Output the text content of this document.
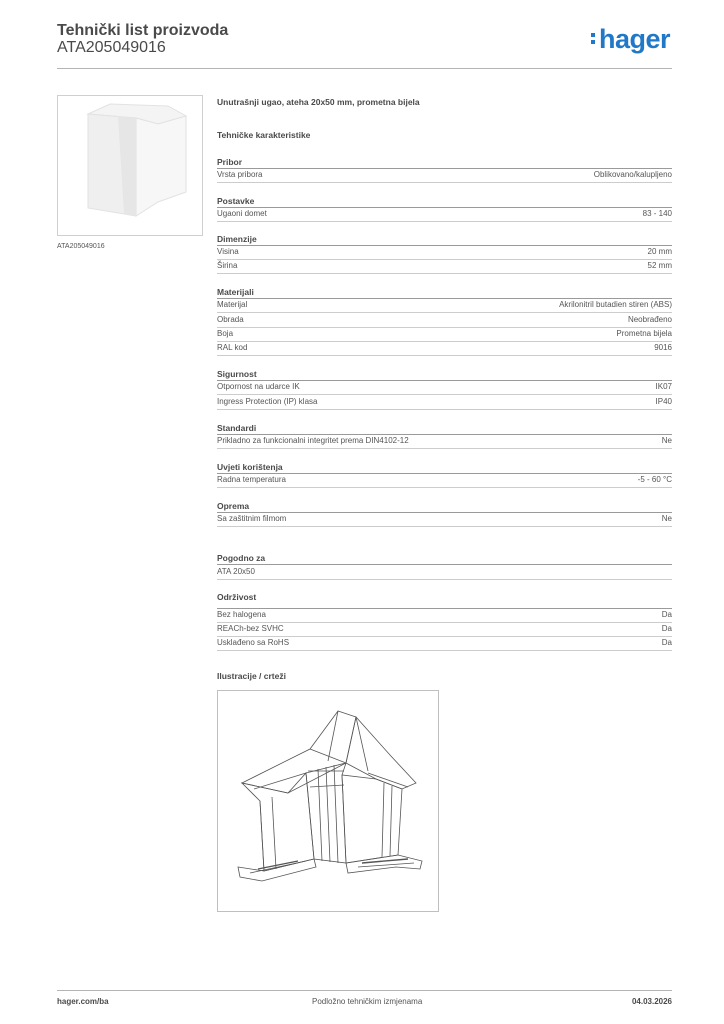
Tehnički list proizvoda
ATA205049016	hager
ATA205049016
Unutrašnji ugao, ateha 20x50 mm, prometna bijela
Tehničke karakteristike
Pribor
Vrsta pribora	Oblikovano/kalupljeno
Postavke
Ugaoni domet	83 - 140
Dimenzije
Visina	20 mm
Širina	52 mm
Materijali
Materijal	Akrilonitril butadien stiren (ABS)
Obrada	Neobrađeno
Boja	Prometna bijela
RAL kod	9016
Sigurnost
Otpornost na udarce IK	IK07
Ingress Protection (IP) klasa	IP40
Standardi
Prikladno za funkcionalni integritet prema DIN4102-12	Ne
Uvjeti korištenja
Radna temperatura	-5 - 60 °C
Oprema
Sa zaštitnim filmom	Ne
Pogodno za
ATA 20x50
Održivost
Bez halogena	Da
REACh-bez SVHC	Da
Usklađeno sa RoHS	Da
Ilustracije / crteži
hager.com/ba	Podložno tehničkim izmjenama	04.03.2026
